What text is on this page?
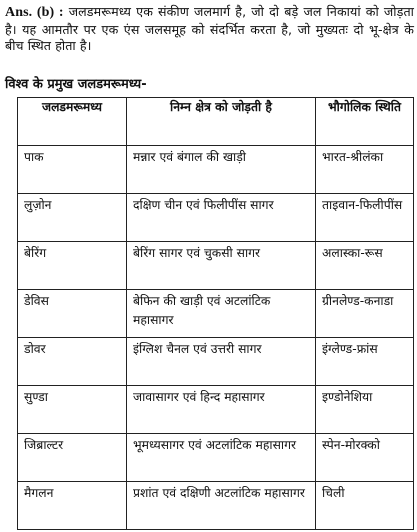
Ans. (b) : जलडमरूमध्य एक संकीण जलमार्ग है, जो दो बड़े जल निकायां को जोड़ता है। यह आमतौर पर एक एंस जलसमूह को संदर्भित करता है, जो मुख्यतः दो भू-क्षेत्र के बीच स्थित होता है।
विश्व के प्रमुख जलडमरूमध्य-
जलडमरूमध्य	निम्न क्षेत्र को जोड़ती है	भौगोलिक स्थिति
पाक	मन्नार एवं बंगाल की खाड़ी	भारत-श्रीलंका
लुज़ोन	दक्षिण चीन एवं फिलीपींस सागर	ताइवान-फिलीपींस
बेरिंग	बेरिंग सागर एवं चुकसी सागर	अलास्का-रूस
डेविस	बेफिन की खाड़ी एवं अटलांटिक महासागर	ग्रीनलेण्ड-कनाडा
डोवर	इंग्लिश चैनल एवं उत्तरी सागर	इंग्लेण्ड-फ्रांस
सुण्डा	जावासागर एवं हिन्द महासागर	इण्डोनेशिया
जिब्राल्टर	भूमध्यसागर एवं अटलांटिक महासागर	स्पेन-मोरक्को
मैगलन	प्रशांत एवं दक्षिणी अटलांटिक महासागर	चिली
